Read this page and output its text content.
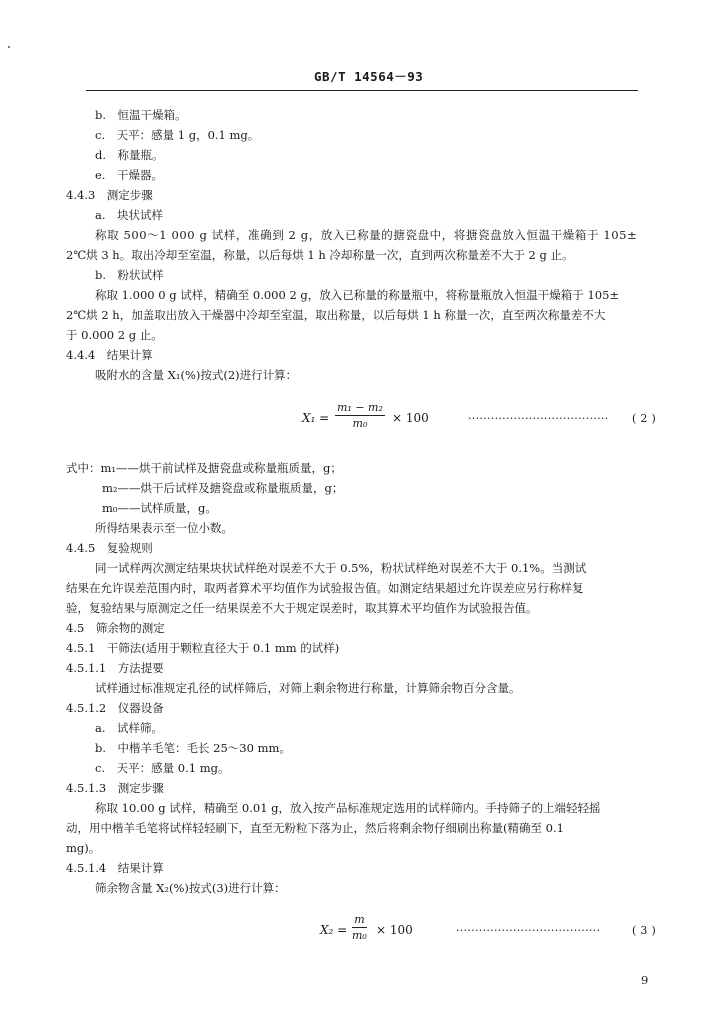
GB/T 14564－93
b.　恒温干燥箱。
c.　天平：感量 1 g，0.1 mg。
d.　称量瓶。
e.　干燥器。
4.4.3　测定步骤
a.　块状试样
称取 500～1 000 g 试样，准确到 2 g，放入已称量的搪瓷盘中，将搪瓷盘放入恒温干燥箱于 105±
2℃烘 3 h。取出冷却至室温，称量，以后每烘 1 h 冷却称量一次，直到两次称量差不大于 2 g 止。
b.　粉状试样
称取 1.000 0 g 试样，精确至 0.000 2 g，放入已称量的称量瓶中，将称量瓶放入恒温干燥箱于 105±
2℃烘 2 h，加盖取出放入干燥器中冷却至室温，取出称量，以后每烘 1 h 称量一次，直至两次称量差不大
于 0.000 2 g 止。
4.4.4　结果计算
吸附水的含量 X₁(%)按式(2)进行计算：
$X_1 = \frac{\text{m₁ − m₂}}{\text{m₀}} \times 100$	····································· ( 2 )
式中：m₁——烘干前试样及搪瓷盘或称量瓶质量，g；
m₂——烘干后试样及搪瓷盘或称量瓶质量，g；
m₀——试样质量，g。
所得结果表示至一位小数。
4.4.5　复验规则
同一试样两次测定结果块状试样绝对误差不大于 0.5%，粉状试样绝对误差不大于 0.1%。当测试
结果在允许误差范围内时，取两者算术平均值作为试验报告值。如测定结果超过允许误差应另行称样复
验，复验结果与原测定之任一结果误差不大于规定误差时，取其算术平均值作为试验报告值。
4.5　筛余物的测定
4.5.1　干筛法(适用于颗粒直径大于 0.1 mm 的试样)
4.5.1.1　方法提要
试样通过标准规定孔径的试样筛后，对筛上剩余物进行称量，计算筛余物百分含量。
4.5.1.2　仪器设备
a.　试样筛。
b.　中楷羊毛笔：毛长 25～30 mm。
c.　天平：感量 0.1 mg。
4.5.1.3　测定步骤
称取 10.00 g 试样，精确至 0.01 g，放入按产品标准规定选用的试样筛内。手持筛子的上端轻轻摇
动，用中楷羊毛笔将试样轻轻刷下，直至无粉粒下落为止，然后将剩余物仔细刷出称量(精确至 0.1
mg)。
4.5.1.4　结果计算
筛余物含量 X₂(%)按式(3)进行计算：
$X_2 = \frac{m}{\text{m₀}} \times 100$	······································	( 3 )
9
